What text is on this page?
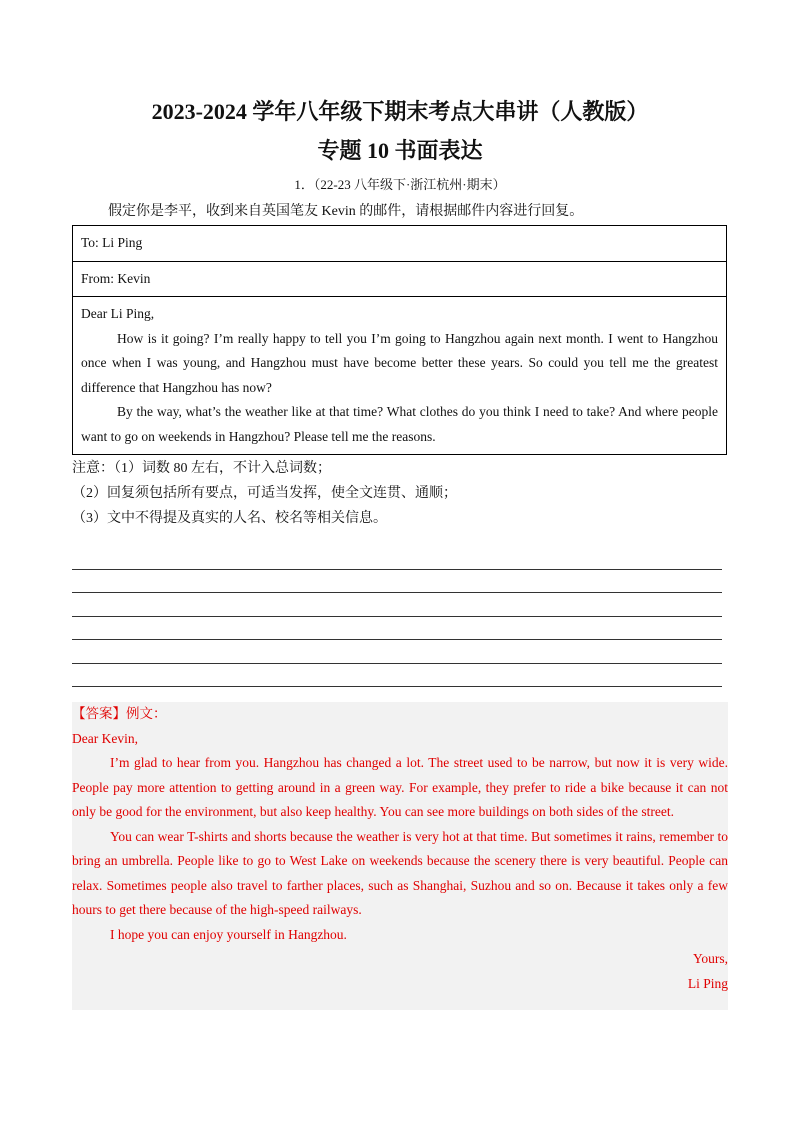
2023-2024 学年八年级下期末考点大串讲（人教版）
专题 10 书面表达
1．（22-23 八年级下·浙江杭州·期末）
假定你是李平，收到来自英国笔友 Kevin 的邮件，请根据邮件内容进行回复。
To: Li Ping
From: Kevin

Dear Li Ping,

How is it going? I’m really happy to tell you I’m going to Hangzhou again next month. I went to Hangzhou once when I was young, and Hangzhou must have become better these years. So could you tell me the greatest difference that Hangzhou has now?

By the way, what’s the weather like at that time? What clothes do you think I need to take? And where people want to go on weekends in Hangzhou? Please tell me the reasons.

注意：（1）词数 80 左右，不计入总词数；
（2）回复须包括所有要点，可适当发挥，使全文连贯、通顺；
（3）文中不得提及真实的人名、校名等相关信息。

【答案】例文：

Dear Kevin,

I’m glad to hear from you. Hangzhou has changed a lot. The street used to be narrow, but now it is very wide. People pay more attention to getting around in a green way. For example, they prefer to ride a bike because it can not only be good for the environment, but also keep healthy. You can see more buildings on both sides of the street.

You can wear T-shirts and shorts because the weather is very hot at that time. But sometimes it rains, remember to bring an umbrella. People like to go to West Lake on weekends because the scenery there is very beautiful. People can relax. Sometimes people also travel to farther places, such as Shanghai, Suzhou and so on. Because it takes only a few hours to get there because of the high-speed railways.

I hope you can enjoy yourself in Hangzhou.

Yours,

Li Ping
